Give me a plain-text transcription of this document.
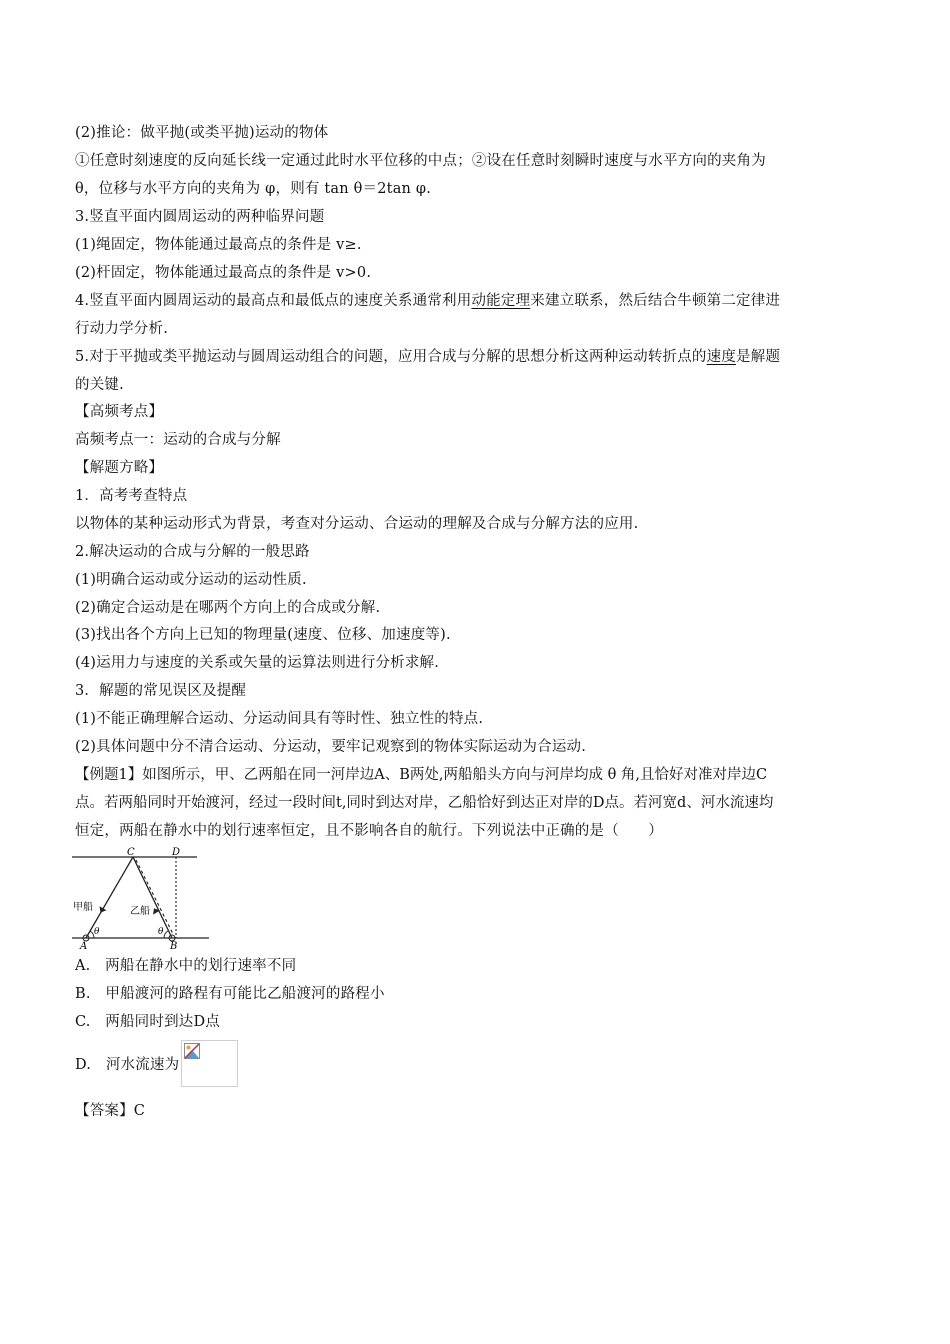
(2)推论：做平抛(或类平抛)运动的物体
①任意时刻速度的反向延长线一定通过此时水平位移的中点；②设在任意时刻瞬时速度与水平方向的夹角为
θ，位移与水平方向的夹角为 φ，则有 tan θ＝2tan φ.
3.竖直平面内圆周运动的两种临界问题
(1)绳固定，物体能通过最高点的条件是 v≥.
(2)杆固定，物体能通过最高点的条件是 v>0.
4.竖直平面内圆周运动的最高点和最低点的速度关系通常利用动能定理来建立联系，然后结合牛顿第二定律进
行动力学分析.
5.对于平抛或类平抛运动与圆周运动组合的问题，应用合成与分解的思想分析这两种运动转折点的速度是解题
的关键.
【高频考点】
高频考点一：运动的合成与分解
【解题方略】
1．高考考查特点
以物体的某种运动形式为背景，考查对分运动、合运动的理解及合成与分解方法的应用.
2.解决运动的合成与分解的一般思路
(1)明确合运动或分运动的运动性质.
(2)确定合运动是在哪两个方向上的合成或分解.
(3)找出各个方向上已知的物理量(速度、位移、加速度等).
(4)运用力与速度的关系或矢量的运算法则进行分析求解.
3．解题的常见误区及提醒
(1)不能正确理解合运动、分运动间具有等时性、独立性的特点.
(2)具体问题中分不清合运动、分运动，要牢记观察到的物体实际运动为合运动.
【例题1】如图所示，甲、乙两船在同一河岸边A、B两处,两船船头方向与河岸均成 θ 角,且恰好对准对岸边C
点。若两船同时开始渡河，经过一段时间t,同时到达对岸，乙船恰好到达正对岸的D点。若河宽d、河水流速均
恒定，两船在静水中的划行速率恒定，且不影响各自的航行。下列说法中正确的是（　　）
C	D
A	B
甲船	乙船
θ	θ
A.　两船在静水中的划行速率不同
B.　甲船渡河的路程有可能比乙船渡河的路程小
C.　两船同时到达D点
D.　河水流速为
【答案】C
